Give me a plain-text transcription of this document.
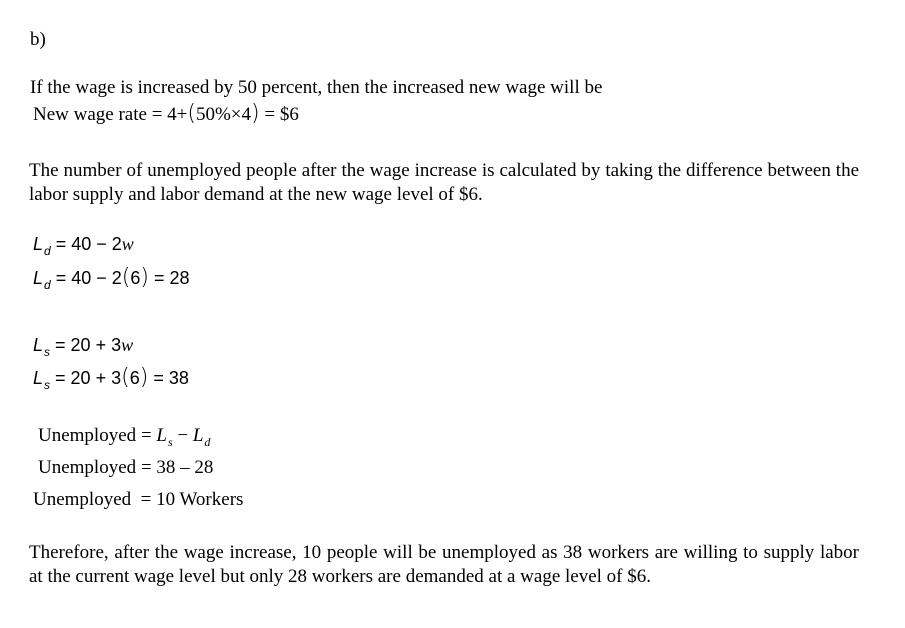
b)
If the wage is increased by 50 percent, then the increased new wage will be
New wage rate = 4+(50%×4) = $6
The number of unemployed people after the wage increase is calculated by taking the difference between the labor supply and labor demand at the new wage level of $6.
$L_d = 40 - 2w$
$L_d = 40 - 2(6) = 28$
$L_s = 20 + 3w$
$L_s = 20 + 3(6) = 38$
Unemployed = $L_s - L_d$
Unemployed = 38 – 28
Unemployed  = 10 Workers
Therefore, after the wage increase, 10 people will be unemployed as 38 workers are willing to supply labor at the current wage level but only 28 workers are demanded at a wage level of $6.
